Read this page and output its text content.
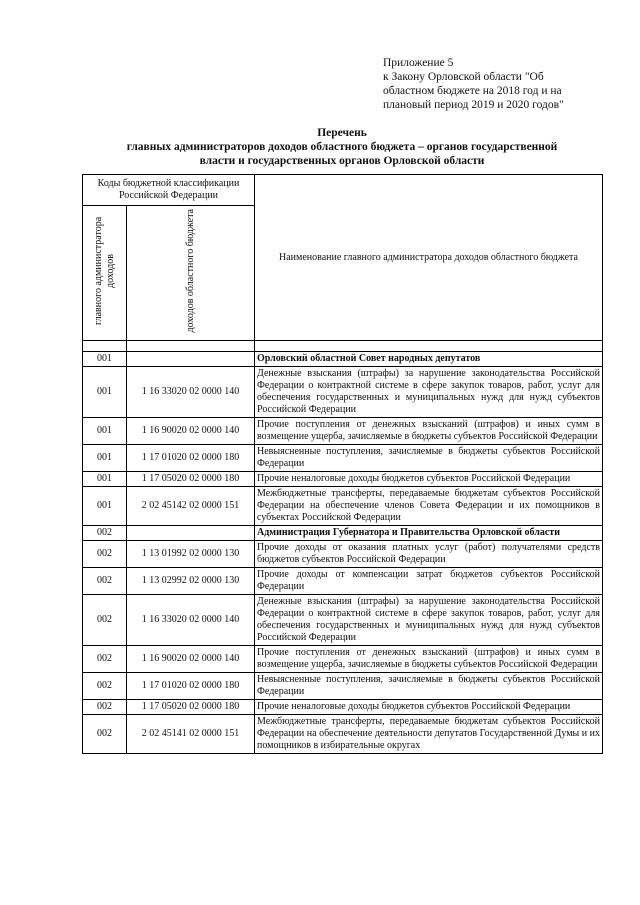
Приложение 5
к Закону Орловской области "Об
областном бюджете на 2018 год и на
плановый период 2019 и 2020 годов"
Перечень
главных администраторов доходов областного бюджета – органов государственной
власти и государственных органов Орловской области
Коды бюджетной классификации Российской Федерации		Наименование главного администратора доходов областного бюджета
главного администратора доходов	доходов областного бюджета	

001		Орловский областной Совет народных депутатов
001	1 16 33020 02 0000 140	Денежные взыскания (штрафы) за нарушение законодательства Российской Федерации о контрактной системе в сфере закупок товаров, работ, услуг для обеспечения государственных и муниципальных нужд для нужд субъектов Российской Федерации
001	1 16 90020 02 0000 140	Прочие поступления от денежных взысканий (штрафов) и иных сумм в возмещение ущерба, зачисляемые в бюджеты субъектов Российской Федерации
001	1 17 01020 02 0000 180	Невыясненные поступления, зачисляемые в бюджеты субъектов Российской Федерации
001	1 17 05020 02 0000 180	Прочие неналоговые доходы бюджетов субъектов Российской Федерации
001	2 02 45142 02 0000 151	Межбюджетные трансферты, передаваемые бюджетам субъектов Российской Федерации на обеспечение членов Совета Федерации и их помощников в субъектах Российской Федерации
002		Администрация Губернатора и Правительства Орловской области
002	1 13 01992 02 0000 130	Прочие доходы от оказания платных услуг (работ) получателями средств бюджетов субъектов Российской Федерации
002	1 13 02992 02 0000 130	Прочие доходы от компенсации затрат бюджетов субъектов Российской Федерации
002	1 16 33020 02 0000 140	Денежные взыскания (штрафы) за нарушение законодательства Российской Федерации о контрактной системе в сфере закупок товаров, работ, услуг для обеспечения государственных и муниципальных нужд для нужд субъектов Российской Федерации
002	1 16 90020 02 0000 140	Прочие поступления от денежных взысканий (штрафов) и иных сумм в возмещение ущерба, зачисляемые в бюджеты субъектов Российской Федерации
002	1 17 01020 02 0000 180	Невыясненные поступления, зачисляемые в бюджеты субъектов Российской Федерации
002	1 17 05020 02 0000 180	Прочие неналоговые доходы бюджетов субъектов Российской Федерации
002	2 02 45141 02 0000 151	Межбюджетные трансферты, передаваемые бюджетам субъектов Российской Федерации на обеспечение деятельности депутатов Государственной Думы и их помощников в избирательные округах
